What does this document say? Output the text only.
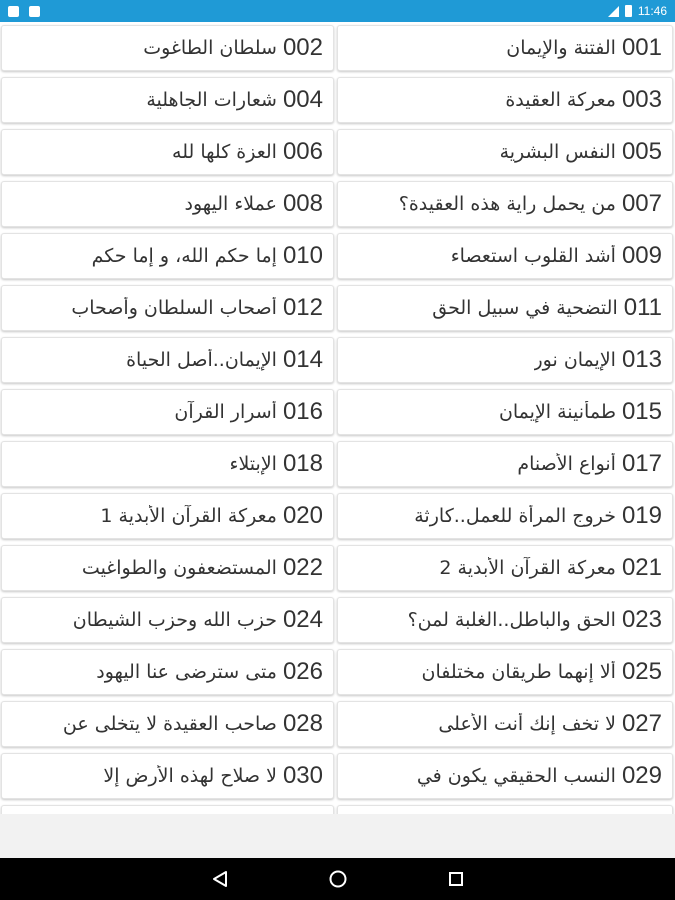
11:46
001
الفتنة والإيمان
002
سلطان الطاغوت
003
معركة العقيدة
004
شعارات الجاهلية
005
النفس البشرية
006
العزة كلها لله
007
من يحمل راية هذه العقيدة؟
008
عملاء اليهود
009
أشد القلوب استعصاء
010
إما حكم الله، و إما حكم
011
التضحية في سبيل الحق
012
أصحاب السلطان وأصحاب
013
الإيمان نور
014
الإيمان..أصل الحياة
015
طمأنينة الإيمان
016
أسرار القرآن
017
أنواع الأصنام
018
الإبتلاء
019
خروج المرأة للعمل..كارثة
020
معركة القرآن الأبدية 1
021
معركة القرآن الأبدية 2
022
المستضعفون والطواغيت
023
الحق والباطل..الغلبة لمن؟
024
حزب الله وحزب الشيطان
025
ألا إنهما طريقان مختلفان
026
متى سترضى عنا اليهود
027
لا تخف إنك أنت الأعلى
028
صاحب العقيدة لا يتخلى عن
029
النسب الحقيقي يكون في
030
لا صلاح لهذه الأرض إلا
